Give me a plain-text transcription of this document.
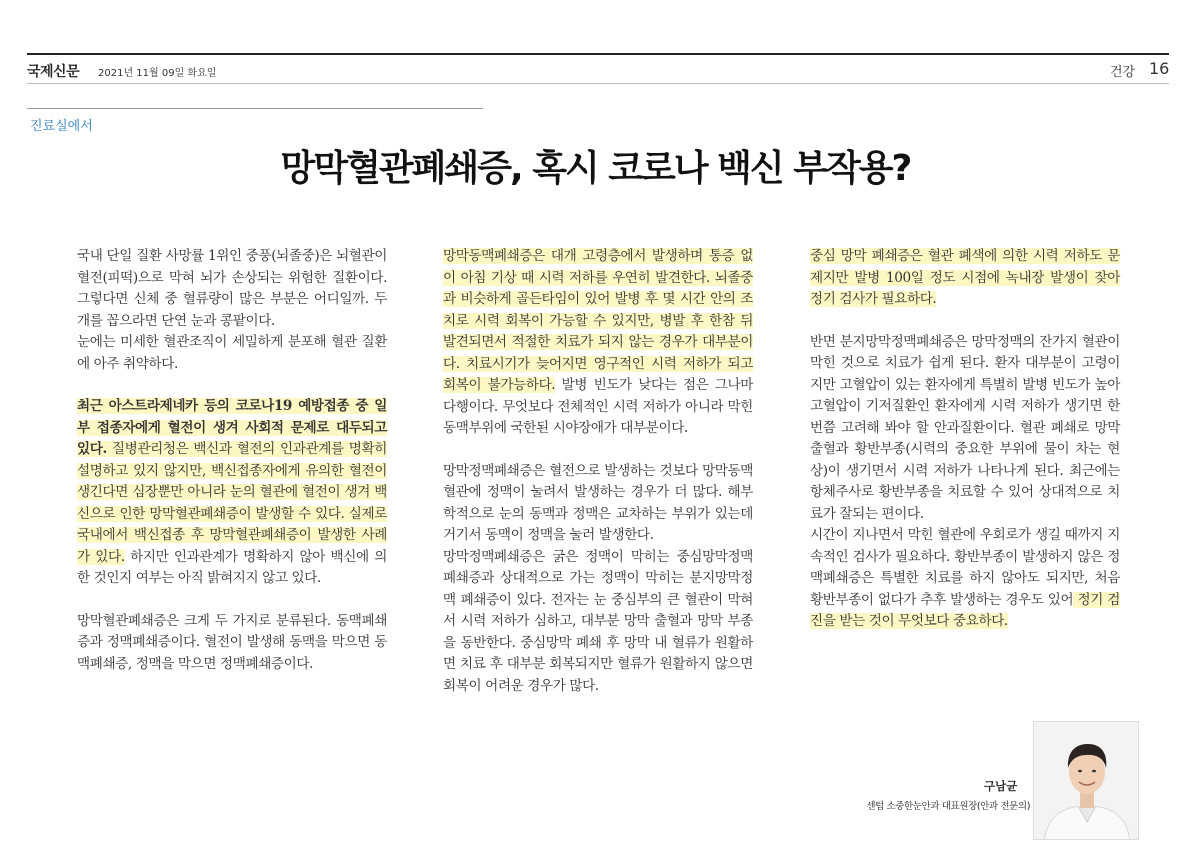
국제신문 2021년 11월 09일 화요일	건강 16
진료실에서
망막혈관폐쇄증, 혹시 코로나 백신 부작용?

국내 단일 질환 사망률 1위인 중풍(뇌졸중)은 뇌혈관이 혈전(피떡)으로 막혀 뇌가 손상되는 위험한 질환이다. 그렇다면 신체 중 혈류량이 많은 부분은 어디일까. 두 개를 꼽으라면 단연 눈과 콩팥이다.
눈에는 미세한 혈관조직이 세밀하게 분포해 혈관 질환에 아주 취약하다.

최근 아스트라제네카 등의 코로나19 예방접종 중 일부 접종자에게 혈전이 생겨 사회적 문제로 대두되고 있다. 질병관리청은 백신과 혈전의 인과관계를 명확히 설명하고 있지 않지만, 백신접종자에게 유의한 혈전이 생긴다면 심장뿐만 아니라 눈의 혈관에 혈전이 생겨 백신으로 인한 망막혈관폐쇄증이 발생할 수 있다. 실제로 국내에서 백신접종 후 망막혈관폐쇄증이 발생한 사례가 있다. 하지만 인과관계가 명확하지 않아 백신에 의한 것인지 여부는 아직 밝혀지지 않고 있다.

망막혈관폐쇄증은 크게 두 가지로 분류된다. 동맥폐쇄증과 정맥폐쇄증이다. 혈전이 발생해 동맥을 막으면 동맥폐쇄증, 정맥을 막으면 정맥폐쇄증이다.

망막동맥폐쇄증은 대개 고령층에서 발생하며 통증 없이 아침 기상 때 시력 저하를 우연히 발견한다. 뇌졸중과 비슷하게 골든타임이 있어 발병 후 몇 시간 안의 조치로 시력 회복이 가능할 수 있지만, 병발 후 한참 뒤 발견되면서 적절한 치료가 되지 않는 경우가 대부분이다. 치료시기가 늦어지면 영구적인 시력 저하가 되고 회복이 불가능하다. 발병 빈도가 낮다는 점은 그나마 다행이다. 무엇보다 전체적인 시력 저하가 아니라 막힌 동맥부위에 국한된 시야장애가 대부분이다.

망막정맥폐쇄증은 혈전으로 발생하는 것보다 망막동맥혈관에 정맥이 눌려서 발생하는 경우가 더 많다. 해부학적으로 눈의 동맥과 정맥은 교차하는 부위가 있는데 거기서 동맥이 정맥을 눌러 발생한다.
망막정맥폐쇄증은 굵은 정맥이 막히는 중심망막정맥 폐쇄증과 상대적으로 가는 정맥이 막히는 분지망막정맥 폐쇄증이 있다. 전자는 눈 중심부의 큰 혈관이 막혀서 시력 저하가 심하고, 대부분 망막 출혈과 망막 부종을 동반한다. 중심망막 폐쇄 후 망막 내 혈류가 원활하면 치료 후 대부분 회복되지만 혈류가 원활하지 않으면 회복이 어려운 경우가 많다.

중심 망막 폐쇄증은 혈관 폐색에 의한 시력 저하도 문제지만 발병 100일 정도 시점에 녹내장 발생이 잦아 정기 검사가 필요하다.

반면 분지망막정맥폐쇄증은 망막정맥의 잔가지 혈관이 막힌 것으로 치료가 쉽게 된다. 환자 대부분이 고령이지만 고혈압이 있는 환자에게 특별히 발병 빈도가 높아 고혈압이 기저질환인 환자에게 시력 저하가 생기면 한 번쯤 고려해 봐야 할 안과질환이다. 혈관 폐쇄로 망막 출혈과 황반부종(시력의 중요한 부위에 물이 차는 현상)이 생기면서 시력 저하가 나타나게 된다. 최근에는 항체주사로 황반부종을 치료할 수 있어 상대적으로 치료가 잘되는 편이다.
시간이 지나면서 막힌 혈관에 우회로가 생길 때까지 지속적인 검사가 필요하다. 황반부종이 발생하지 않은 정맥폐쇄증은 특별한 치료를 하지 않아도 되지만, 처음 황반부종이 없다가 추후 발생하는 경우도 있어 정기 검진을 받는 것이 무엇보다 중요하다.

구남균
센텀 소중한눈안과 대표원장(안과 전문의)
